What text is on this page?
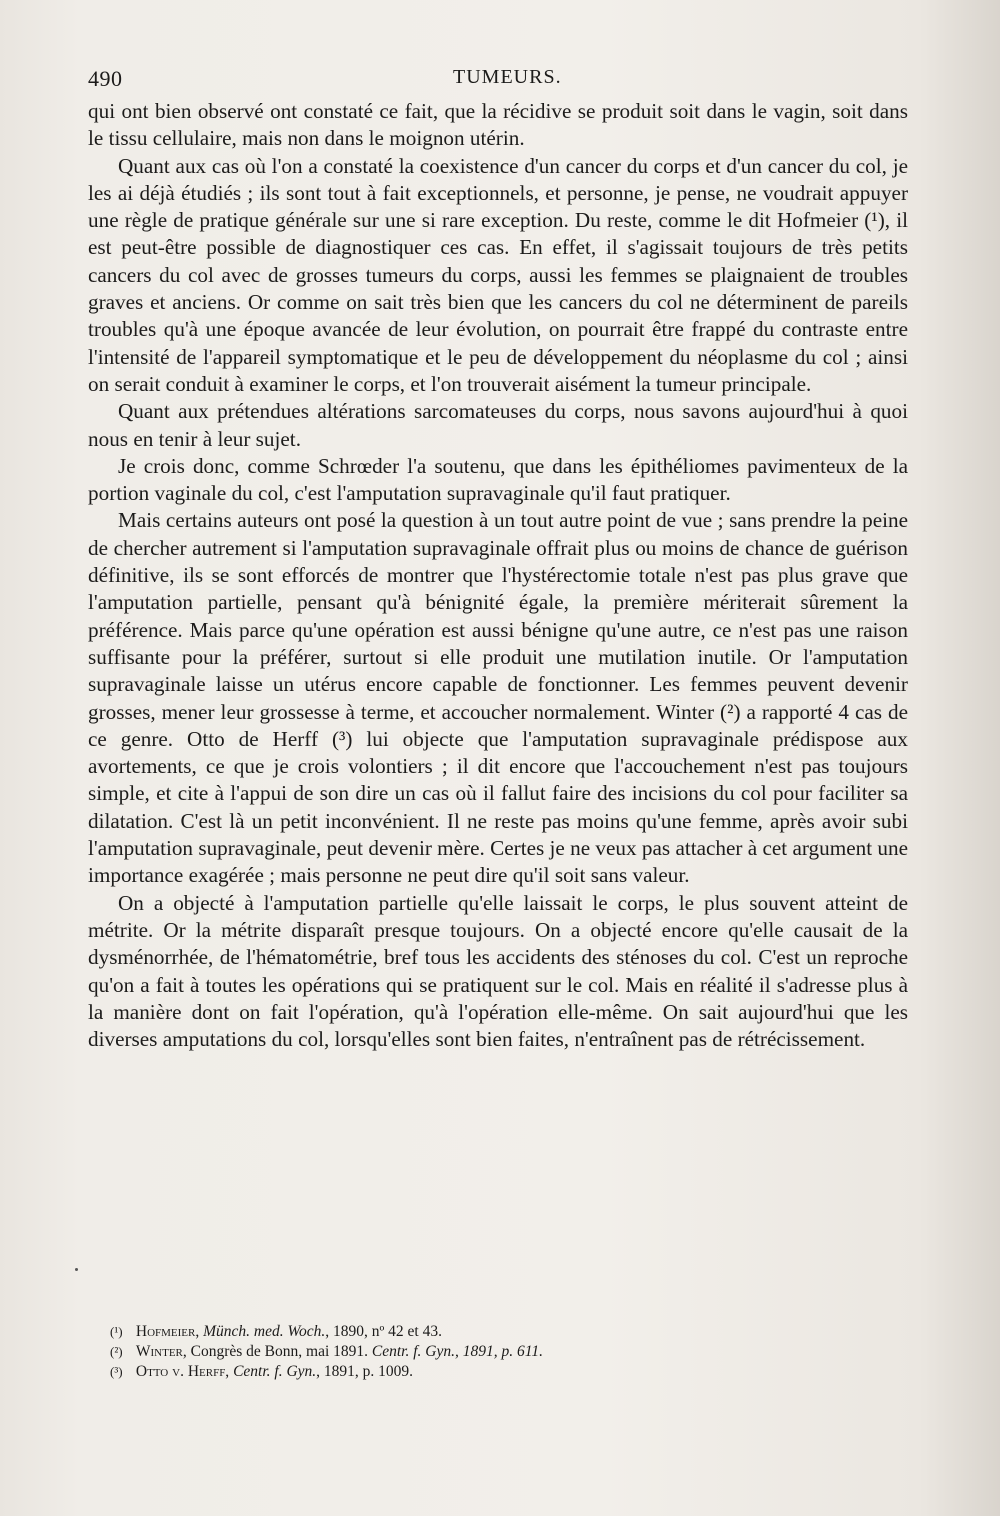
490	TUMEURS.

qui ont bien observé ont constaté ce fait, que la récidive se produit soit dans le vagin, soit dans le tissu cellulaire, mais non dans le moignon utérin.

Quant aux cas où l'on a constaté la coexistence d'un cancer du corps et d'un cancer du col, je les ai déjà étudiés ; ils sont tout à fait exceptionnels, et personne, je pense, ne voudrait appuyer une règle de pratique générale sur une si rare exception. Du reste, comme le dit Hofmeier (¹), il est peut-être possible de diagnostiquer ces cas. En effet, il s'agissait toujours de très petits cancers du col avec de grosses tumeurs du corps, aussi les femmes se plaignaient de troubles graves et anciens. Or comme on sait très bien que les cancers du col ne déterminent de pareils troubles qu'à une époque avancée de leur évolution, on pourrait être frappé du contraste entre l'intensité de l'appareil symptomatique et le peu de développement du néoplasme du col ; ainsi on serait conduit à examiner le corps, et l'on trouverait aisément la tumeur principale.

Quant aux prétendues altérations sarcomateuses du corps, nous savons aujourd'hui à quoi nous en tenir à leur sujet.

Je crois donc, comme Schrœder l'a soutenu, que dans les épithéliomes pavimenteux de la portion vaginale du col, c'est l'amputation supravaginale qu'il faut pratiquer.

Mais certains auteurs ont posé la question à un tout autre point de vue ; sans prendre la peine de chercher autrement si l'amputation supravaginale offrait plus ou moins de chance de guérison définitive, ils se sont efforcés de montrer que l'hystérectomie totale n'est pas plus grave que l'amputation partielle, pensant qu'à bénignité égale, la première mériterait sûrement la préférence. Mais parce qu'une opération est aussi bénigne qu'une autre, ce n'est pas une raison suffisante pour la préférer, surtout si elle produit une mutilation inutile. Or l'amputation supravaginale laisse un utérus encore capable de fonctionner. Les femmes peuvent devenir grosses, mener leur grossesse à terme, et accoucher normalement. Winter (²) a rapporté 4 cas de ce genre. Otto de Herff (³) lui objecte que l'amputation supravaginale prédispose aux avortements, ce que je crois volontiers ; il dit encore que l'accouchement n'est pas toujours simple, et cite à l'appui de son dire un cas où il fallut faire des incisions du col pour faciliter sa dilatation. C'est là un petit inconvénient. Il ne reste pas moins qu'une femme, après avoir subi l'amputation supravaginale, peut devenir mère. Certes je ne veux pas attacher à cet argument une importance exagérée ; mais personne ne peut dire qu'il soit sans valeur.

On a objecté à l'amputation partielle qu'elle laissait le corps, le plus souvent atteint de métrite. Or la métrite disparaît presque toujours. On a objecté encore qu'elle causait de la dysménorrhée, de l'hématométrie, bref tous les accidents des sténoses du col. C'est un reproche qu'on a fait à toutes les opérations qui se pratiquent sur le col. Mais en réalité il s'adresse plus à la manière dont on fait l'opération, qu'à l'opération elle-même. On sait aujourd'hui que les diverses amputations du col, lorsqu'elles sont bien faites, n'entraînent pas de rétrécissement.

(¹) Hofmeier, Münch. med. Woch., 1890, nº 42 et 43.

(²) Winter, Congrès de Bonn, mai 1891. Centr. f. Gyn., 1891, p. 611.

(³) Otto v. Herff, Centr. f. Gyn., 1891, p. 1009.
